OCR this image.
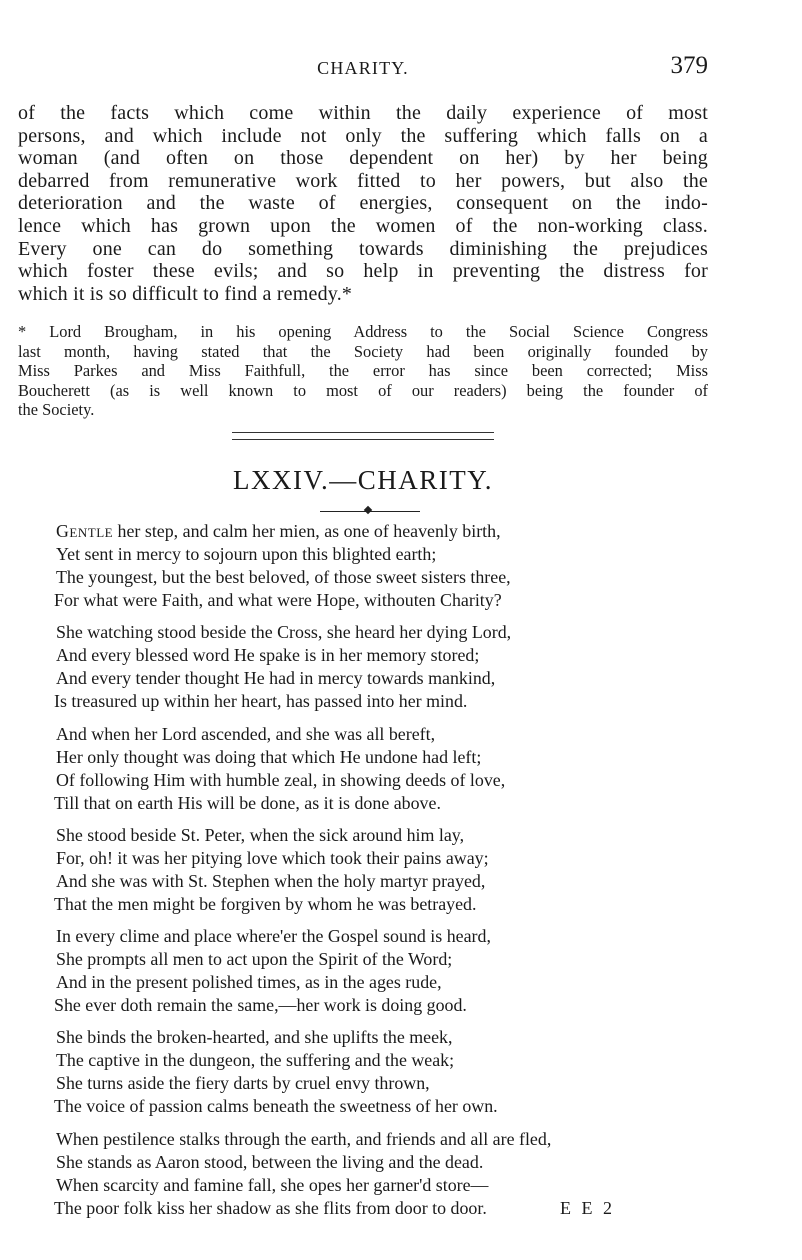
CHARITY.	379

of the facts which come within the daily experience of most

persons, and which include not only the suffering which falls on a

woman (and often on those dependent on her) by her being

debarred from remunerative work fitted to her powers, but also the

deterioration and the waste of energies, consequent on the indo-

lence which has grown upon the women of the non-working class.

Every one can do something towards diminishing the prejudices

which foster these evils; and so help in preventing the distress for

which it is so difficult to find a remedy.*

* Lord Brougham, in his opening Address to the Social Science Congress

last month, having stated that the Society had been originally founded by

Miss Parkes and Miss Faithfull, the error has since been corrected; Miss

Boucherett (as is well known to most of our readers) being the founder of

the Society.

LXXIV.—CHARITY.
Gentle her step, and calm her mien, as one of heavenly birth,
Yet sent in mercy to sojourn upon this blighted earth;
The youngest, but the best beloved, of those sweet sisters three,
For what were Faith, and what were Hope, withouten Charity?
She watching stood beside the Cross, she heard her dying Lord,
And every blessed word He spake is in her memory stored;
And every tender thought He had in mercy towards mankind,
Is treasured up within her heart, has passed into her mind.
And when her Lord ascended, and she was all bereft,
Her only thought was doing that which He undone had left;
Of following Him with humble zeal, in showing deeds of love,
Till that on earth His will be done, as it is done above.
She stood beside St. Peter, when the sick around him lay,
For, oh! it was her pitying love which took their pains away;
And she was with St. Stephen when the holy martyr prayed,
That the men might be forgiven by whom he was betrayed.
In every clime and place where'er the Gospel sound is heard,
She prompts all men to act upon the Spirit of the Word;
And in the present polished times, as in the ages rude,
She ever doth remain the same,—her work is doing good.
She binds the broken-hearted, and she uplifts the meek,
The captive in the dungeon, the suffering and the weak;
She turns aside the fiery darts by cruel envy thrown,
The voice of passion calms beneath the sweetness of her own.
When pestilence stalks through the earth, and friends and all are fled,
She stands as Aaron stood, between the living and the dead.
When scarcity and famine fall, she opes her garner'd store—
The poor folk kiss her shadow as she flits from door to door.	E E 2
